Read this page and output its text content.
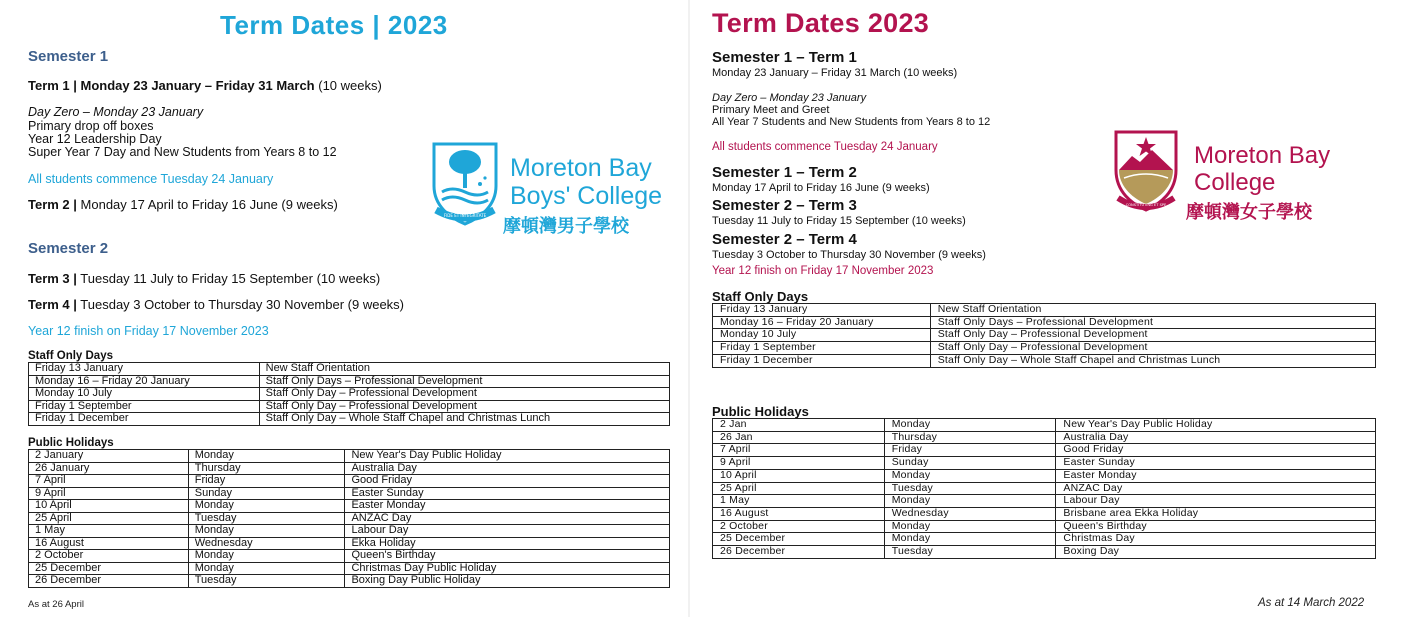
Term Dates | 2023
Semester 1
Term 1 | Monday 23 January – Friday 31 March (10 weeks)
Day Zero – Monday 23 January
Primary drop off boxes
Year 12 Leadership Day
Super Year 7 Day and New Students from Years 8 to 12
All students commence Tuesday 24 January
Term 2 | Monday 17 April to Friday 16 June (9 weeks)
Semester 2
Term 3 | Tuesday 11 July to Friday 15 September (10 weeks)
Term 4 | Tuesday 3 October to Thursday 30 November (9 weeks)
Year 12 finish on Friday 17 November 2023
Staff Only Days
Friday 13 January	New Staff Orientation
Monday 16 – Friday 20 January	Staff Only Days – Professional Development
Monday 10 July	Staff Only Day – Professional Development
Friday 1 September	Staff Only Day – Professional Development
Friday 1 December	Staff Only Day – Whole Staff Chapel and Christmas Lunch
Public Holidays
2 January	Monday	New Year's Day Public Holiday
26 January	Thursday	Australia Day
7 April	Friday	Good Friday
9 April	Sunday	Easter Sunday
10 April	Monday	Easter Monday
25 April	Tuesday	ANZAC Day
1 May	Monday	Labour Day
16 August	Wednesday	Ekka Holiday
2 October	Monday	Queen's Birthday
25 December	Monday	Christmas Day Public Holiday
26 December	Tuesday	Boxing Day Public Holiday
As at 26 April
FIDE ET INTEGRITATE
Moreton Bay
Boys' College
摩頓灣男子學校
Term Dates 2023
Semester 1 – Term 1
Monday 23 January – Friday 31 March (10 weeks)
Day Zero – Monday 23 January
Primary Meet and Greet
All Year 7 Students and New Students from Years 8 to 12
All students commence Tuesday 24 January
Semester 1 – Term 2
Monday 17 April to Friday 16 June (9 weeks)
Semester 2 – Term 3
Tuesday 11 July to Friday 15 September (10 weeks)
Semester 2 – Term 4
Tuesday 3 October to Thursday 30 November (9 weeks)
Year 12 finish on Friday 17 November 2023
Staff Only Days
Friday 13 January	New Staff Orientation
Monday 16 – Friday 20 January	Staff Only Days – Professional Development
Monday 10 July	Staff Only Day – Professional Development
Friday 1 September	Staff Only Day – Professional Development
Friday 1 December	Staff Only Day – Whole Staff Chapel and Christmas Lunch
Public Holidays
2 Jan	Monday	New Year's Day Public Holiday
26 Jan	Thursday	Australia Day
7 April	Friday	Good Friday
9 April	Sunday	Easter Sunday
10 April	Monday	Easter Monday
25 April	Tuesday	ANZAC Day
1 May	Monday	Labour Day
16 August	Wednesday	Brisbane area Ekka Holiday
2 October	Monday	Queen's Birthday
25 December	Monday	Christmas Day
26 December	Tuesday	Boxing Day
As at 14 March 2022
CONSTITUTING ET SPE
Moreton Bay
College
摩頓灣女子學校
